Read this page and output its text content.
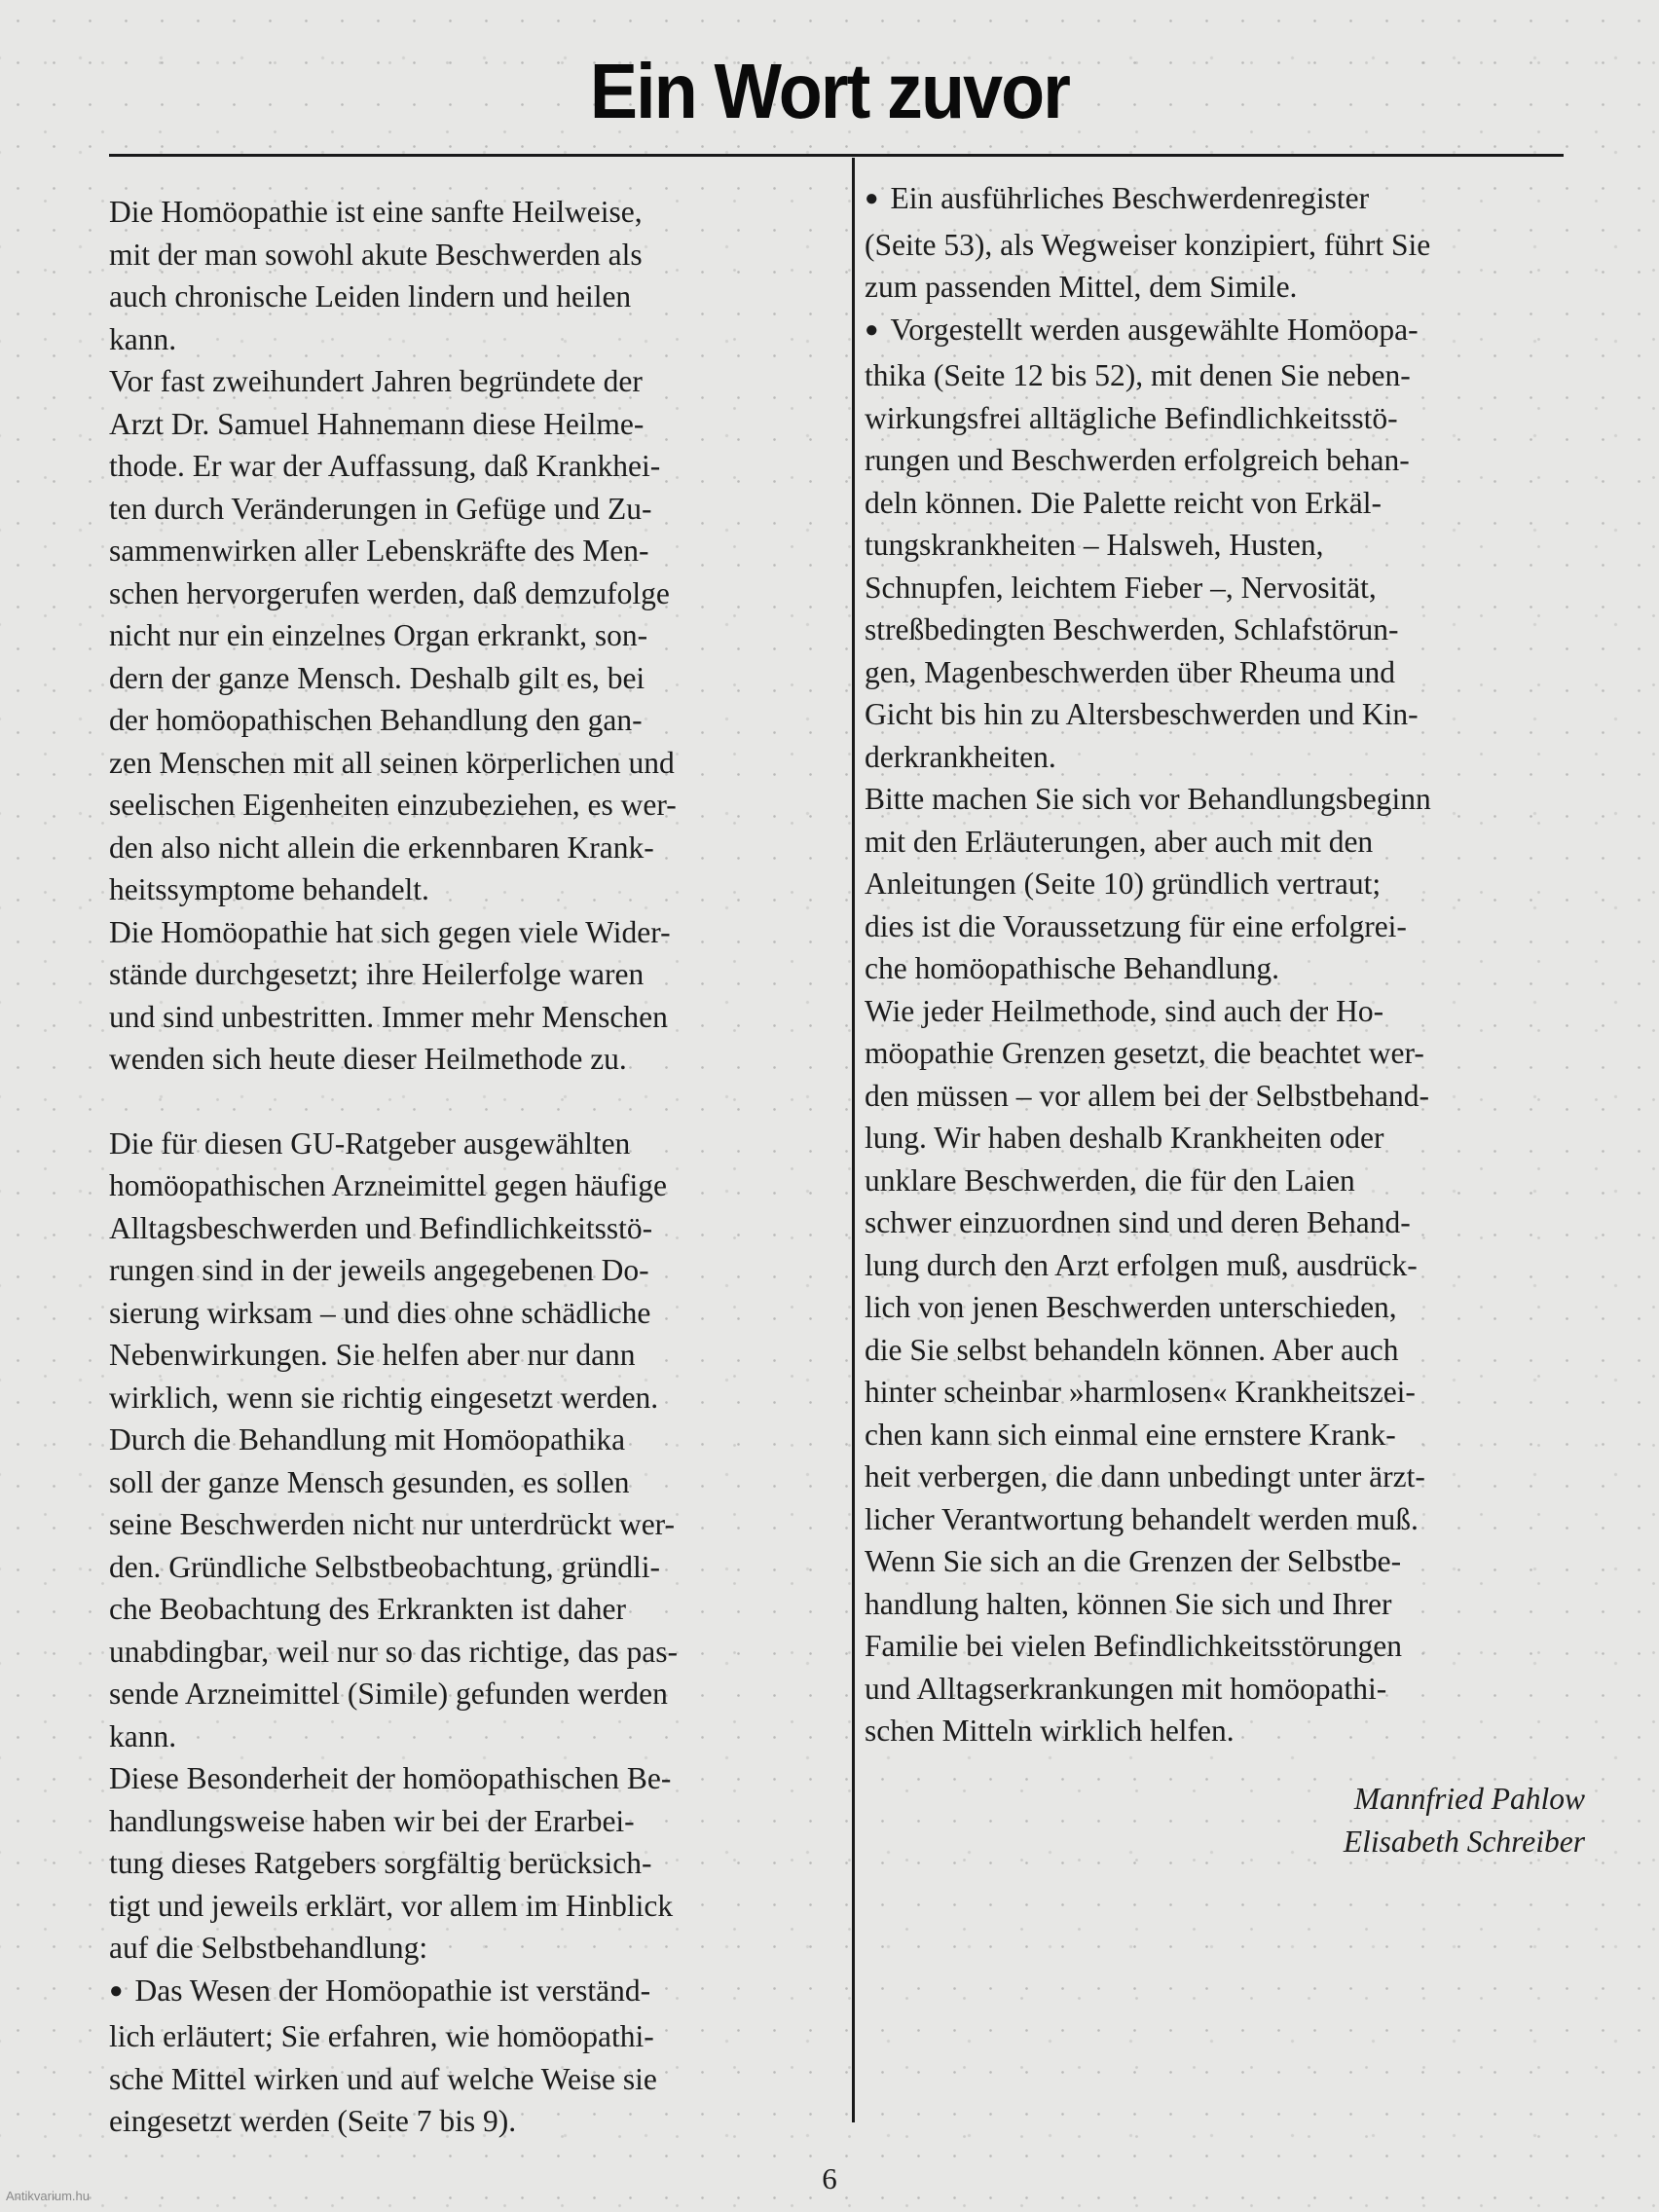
Ein Wort zuvor

Die Homöopathie ist eine sanfte Heilweise,
mit der man sowohl akute Beschwerden als
auch chronische Leiden lindern und heilen
kann.

Vor fast zweihundert Jahren begründete der
Arzt Dr. Samuel Hahnemann diese Heilme-
thode. Er war der Auffassung, daß Krankhei-
ten durch Veränderungen in Gefüge und Zu-
sammenwirken aller Lebenskräfte des Men-
schen hervorgerufen werden, daß demzufolge
nicht nur ein einzelnes Organ erkrankt, son-
dern der ganze Mensch. Deshalb gilt es, bei
der homöopathischen Behandlung den gan-
zen Menschen mit all seinen körperlichen und
seelischen Eigenheiten einzubeziehen, es wer-
den also nicht allein die erkennbaren Krank-
heitssymptome behandelt.

Die Homöopathie hat sich gegen viele Wider-
stände durchgesetzt; ihre Heilerfolge waren
und sind unbestritten. Immer mehr Menschen
wenden sich heute dieser Heilmethode zu.

Die für diesen GU-Ratgeber ausgewählten
homöopathischen Arzneimittel gegen häufige
Alltagsbeschwerden und Befindlichkeitsstö-
rungen sind in der jeweils angegebenen Do-
sierung wirksam – und dies ohne schädliche
Nebenwirkungen. Sie helfen aber nur dann
wirklich, wenn sie richtig eingesetzt werden.
Durch die Behandlung mit Homöopathika
soll der ganze Mensch gesunden, es sollen
seine Beschwerden nicht nur unterdrückt wer-
den. Gründliche Selbstbeobachtung, gründli-
che Beobachtung des Erkrankten ist daher
unabdingbar, weil nur so das richtige, das pas-
sende Arzneimittel (Simile) gefunden werden
kann.

Diese Besonderheit der homöopathischen Be-
handlungsweise haben wir bei der Erarbei-
tung dieses Ratgebers sorgfältig berücksich-
tigt und jeweils erklärt, vor allem im Hinblick
auf die Selbstbehandlung:

● Das Wesen der Homöopathie ist verständ-
lich erläutert; Sie erfahren, wie homöopathi-
sche Mittel wirken und auf welche Weise sie
eingesetzt werden (Seite 7 bis 9).

● Ein ausführliches Beschwerdenregister
(Seite 53), als Wegweiser konzipiert, führt Sie
zum passenden Mittel, dem Simile.

● Vorgestellt werden ausgewählte Homöopa-
thika (Seite 12 bis 52), mit denen Sie neben-
wirkungsfrei alltägliche Befindlichkeitsstö-
rungen und Beschwerden erfolgreich behan-
deln können. Die Palette reicht von Erkäl-
tungskrankheiten – Halsweh, Husten,
Schnupfen, leichtem Fieber –, Nervosität,
streßbedingten Beschwerden, Schlafstörun-
gen, Magenbeschwerden über Rheuma und
Gicht bis hin zu Altersbeschwerden und Kin-
derkrankheiten.

Bitte machen Sie sich vor Behandlungsbeginn
mit den Erläuterungen, aber auch mit den
Anleitungen (Seite 10) gründlich vertraut;
dies ist die Voraussetzung für eine erfolgrei-
che homöopathische Behandlung.

Wie jeder Heilmethode, sind auch der Ho-
möopathie Grenzen gesetzt, die beachtet wer-
den müssen – vor allem bei der Selbstbehand-
lung. Wir haben deshalb Krankheiten oder
unklare Beschwerden, die für den Laien
schwer einzuordnen sind und deren Behand-
lung durch den Arzt erfolgen muß, ausdrück-
lich von jenen Beschwerden unterschieden,
die Sie selbst behandeln können. Aber auch
hinter scheinbar »harmlosen« Krankheitszei-
chen kann sich einmal eine ernstere Krank-
heit verbergen, die dann unbedingt unter ärzt-
licher Verantwortung behandelt werden muß.
Wenn Sie sich an die Grenzen der Selbstbe-
handlung halten, können Sie sich und Ihrer
Familie bei vielen Befindlichkeitsstörungen
und Alltagserkrankungen mit homöopathi-
schen Mitteln wirklich helfen.

Mannfried Pahlow
Elisabeth Schreiber
6
Antikvarium.hu
